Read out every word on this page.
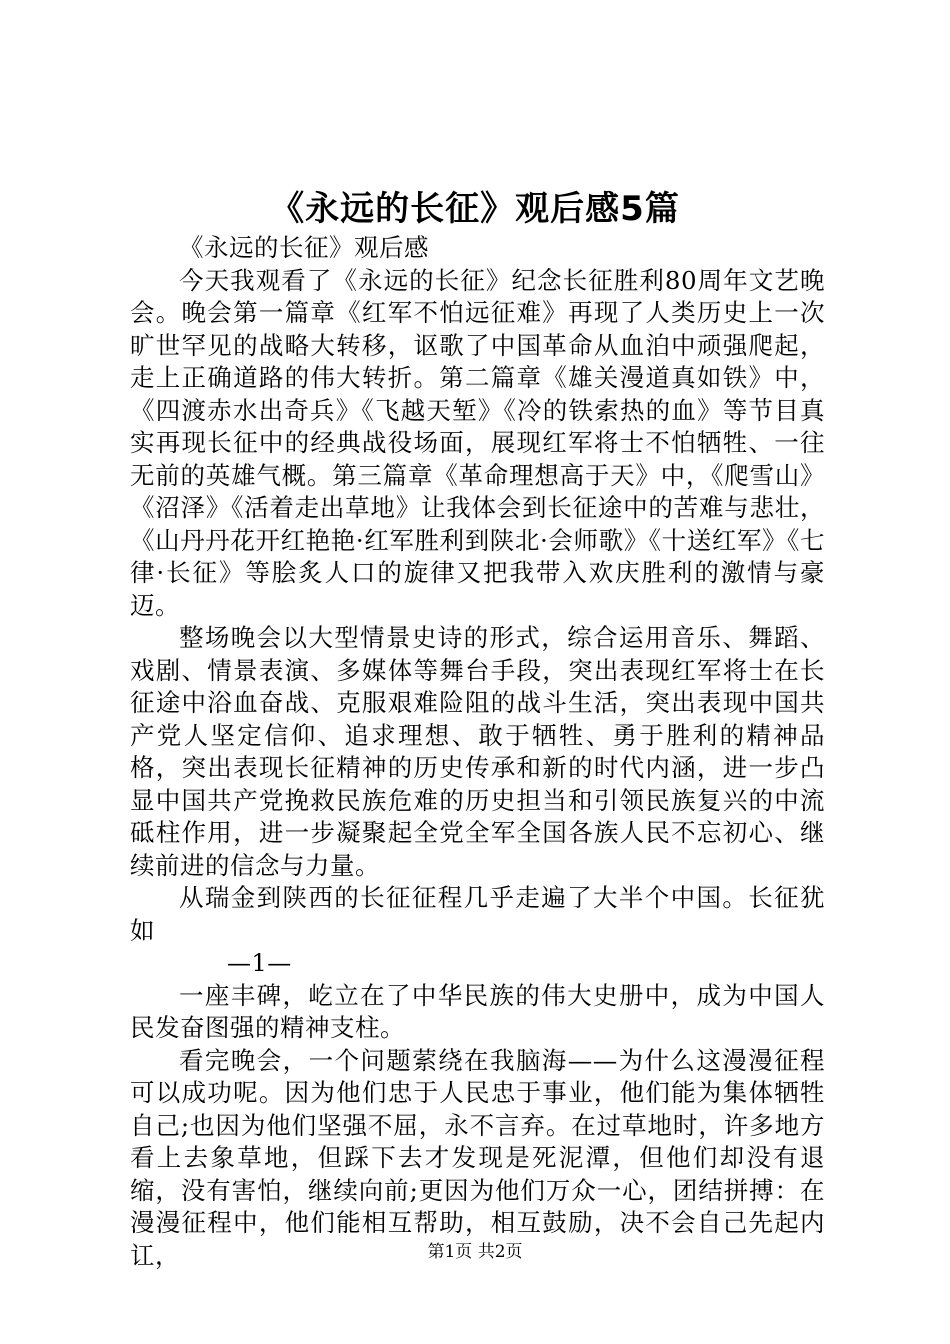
《永远的长征》观后感5篇

《永远的长征》观后感

今天我观看了《永远的长征》纪念长征胜利80周年文艺晚会。晚会第一篇章《红军不怕远征难》再现了人类历史上一次旷世罕见的战略大转移，讴歌了中国革命从血泊中顽强爬起，走上正确道路的伟大转折。第二篇章《雄关漫道真如铁》中，《四渡赤水出奇兵》《飞越天堑》《冷的铁索热的血》等节目真实再现长征中的经典战役场面，展现红军将士不怕牺牲、一往无前的英雄气概。第三篇章《革命理想高于天》中，《爬雪山》《沼泽》《活着走出草地》让我体会到长征途中的苦难与悲壮，《山丹丹花开红艳艳·红军胜利到陕北·会师歌》《十送红军》《七律·长征》等脍炙人口的旋律又把我带入欢庆胜利的激情与豪迈。

整场晚会以大型情景史诗的形式，综合运用音乐、舞蹈、戏剧、情景表演、多媒体等舞台手段，突出表现红军将士在长征途中浴血奋战、克服艰难险阻的战斗生活，突出表现中国共产党人坚定信仰、追求理想、敢于牺牲、勇于胜利的精神品格，突出表现长征精神的历史传承和新的时代内涵，进一步凸显中国共产党挽救民族危难的历史担当和引领民族复兴的中流砥柱作用，进一步凝聚起全党全军全国各族人民不忘初心、继续前进的信念与力量。

从瑞金到陕西的长征征程几乎走遍了大半个中国。长征犹如

—1—

一座丰碑，屹立在了中华民族的伟大史册中，成为中国人民发奋图强的精神支柱。

看完晚会，一个问题萦绕在我脑海——为什么这漫漫征程可以成功呢。因为他们忠于人民忠于事业，他们能为集体牺牲自己;也因为他们坚强不屈，永不言弃。在过草地时，许多地方看上去象草地，但踩下去才发现是死泥潭，但他们却没有退缩，没有害怕，继续向前;更因为他们万众一心，团结拼搏：在漫漫征程中，他们能相互帮助，相互鼓励，决不会自己先起内讧，	第1页 共2页
